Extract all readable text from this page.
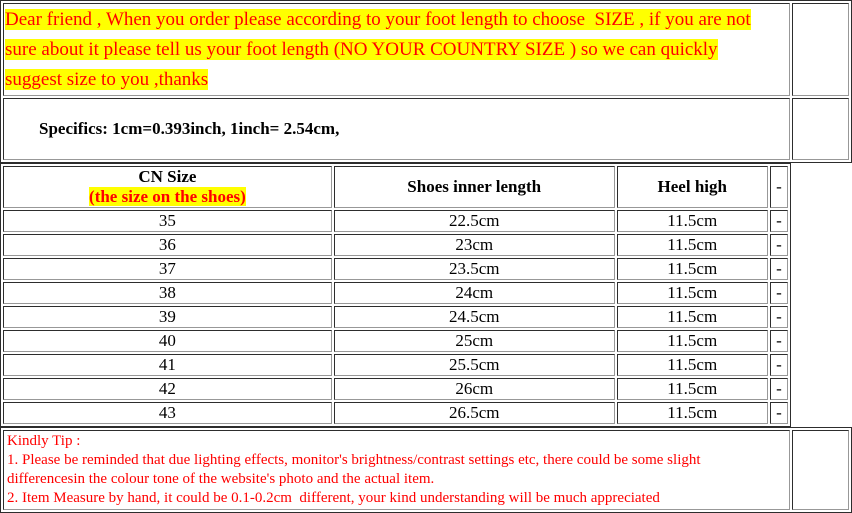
Dear friend , When you order please according to your foot length to choose  SIZE , if you are not
sure about it please tell us your foot length (NO YOUR COUNTRY SIZE ) so we can quickly
suggest size to you ,thanks	

Specifics: 1cm=0.393inch, 1inch= 2.54cm,

CN Size
(the size on the shoes)	Shoes inner length	Heel high	-
35	22.5cm	11.5cm	-
36	23cm	11.5cm	-
37	23.5cm	11.5cm	-
38	24cm	11.5cm	-
39	24.5cm	11.5cm	-
40	25cm	11.5cm	-
41	25.5cm	11.5cm	-
42	26cm	11.5cm	-
43	26.5cm	11.5cm	-
Kindly Tip :
1. Please be reminded that due lighting effects, monitor's brightness/contrast settings etc, there could be some slight
differencesin the colour tone of the website's photo and the actual item.
2. Item Measure by hand, it could be 0.1-0.2cm  different, your kind understanding will be much appreciated
